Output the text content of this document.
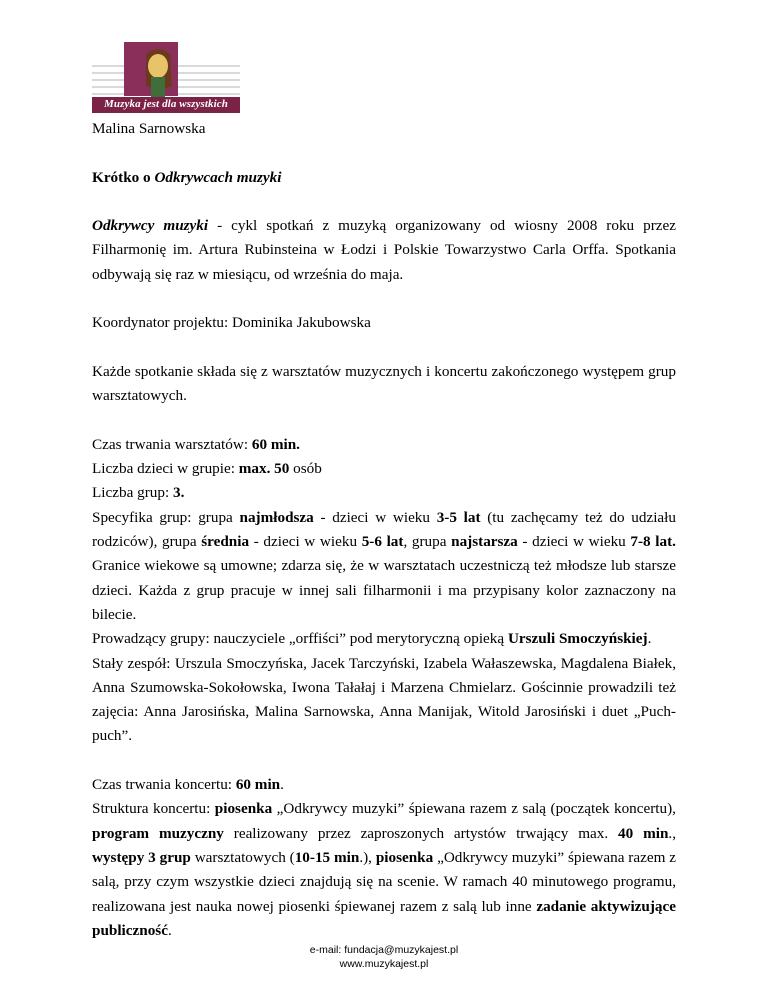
Muzyka jest dla wszystkich

Malina Sarnowska

Krótko o Odkrywcach muzyki

Odkrywcy muzyki - cykl spotkań z muzyką organizowany od wiosny 2008 roku przez Filharmonię im. Artura Rubinsteina w Łodzi i Polskie Towarzystwo Carla Orffa. Spotkania odbywają się raz w miesiącu, od września do maja.

Koordynator projektu: Dominika Jakubowska

Każde spotkanie składa się z warsztatów muzycznych i koncertu zakończonego występem grup warsztatowych.

Czas trwania warsztatów: 60 min.

Liczba dzieci w grupie: max. 50 osób

Liczba grup: 3.

Specyfika grup: grupa najmłodsza - dzieci w wieku 3-5 lat (tu zachęcamy też do udziału rodziców), grupa średnia - dzieci w wieku 5-6 lat, grupa najstarsza - dzieci w wieku 7-8 lat. Granice wiekowe są umowne; zdarza się, że w warsztatach uczestniczą też młodsze lub starsze dzieci. Każda z grup pracuje w innej sali filharmonii i ma przypisany kolor zaznaczony na bilecie.

Prowadzący grupy: nauczyciele „orffiści” pod merytoryczną opieką Urszuli Smoczyńskiej.

Stały zespół: Urszula Smoczyńska, Jacek Tarczyński, Izabela Wałaszewska, Magdalena Białek, Anna Szumowska-Sokołowska, Iwona Tałałaj i Marzena Chmielarz. Gościnnie prowadzili też zajęcia: Anna Jarosińska, Malina Sarnowska, Anna Manijak, Witold Jarosiński i duet „Puch-puch”.

Czas trwania koncertu: 60 min.

Struktura koncertu: piosenka „Odkrywcy muzyki” śpiewana razem z salą (początek koncertu), program muzyczny realizowany przez zaproszonych artystów trwający max. 40 min., występy 3 grup warsztatowych (10-15 min.), piosenka „Odkrywcy muzyki” śpiewana razem z salą, przy czym wszystkie dzieci znajdują się na scenie. W ramach 40 minutowego programu, realizowana jest nauka nowej piosenki śpiewanej razem z salą lub inne zadanie aktywizujące publiczność.

e-mail: fundacja@muzykajest.pl
www.muzykajest.pl
